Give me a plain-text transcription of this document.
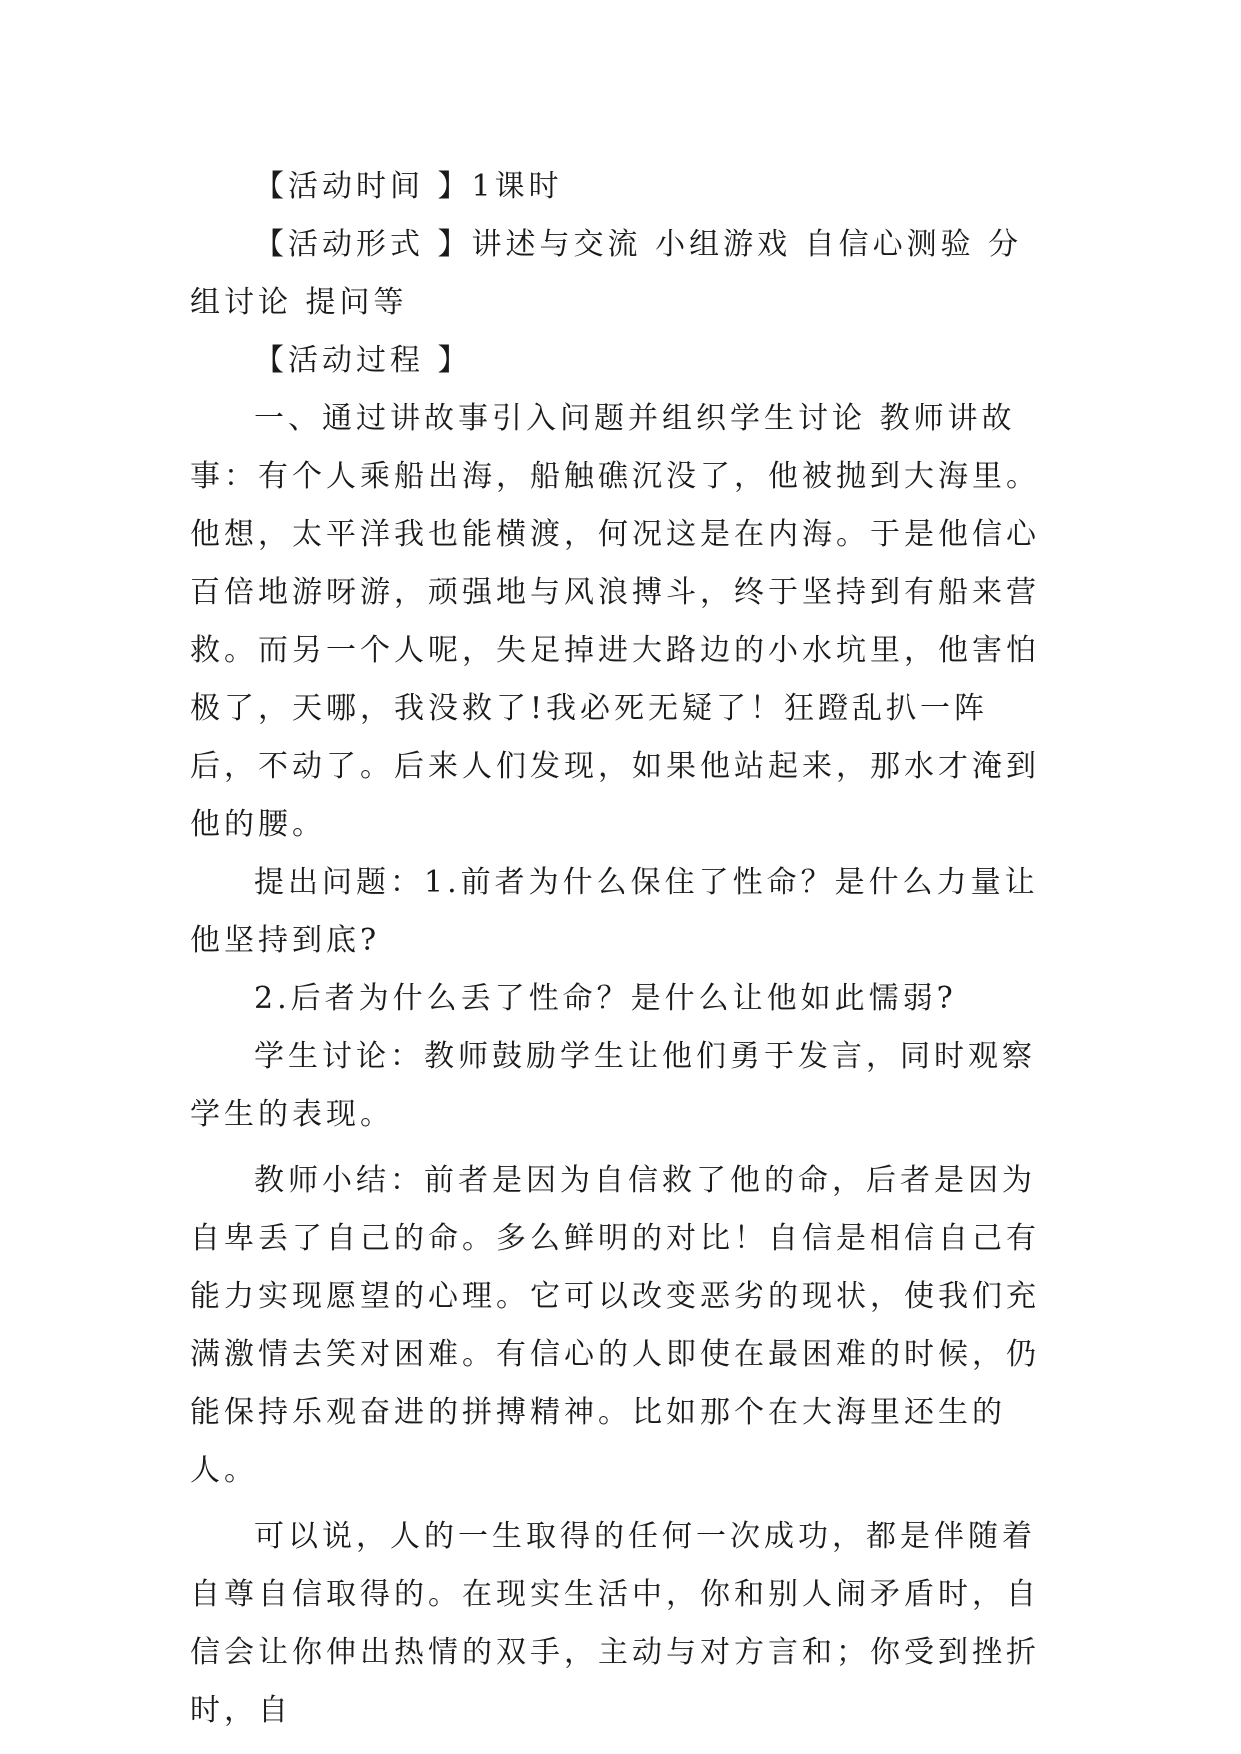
【活动时间 】1课时

【活动形式 】讲述与交流 小组游戏 自信心测验 分组讨论 提问等

【活动过程 】

一、通过讲故事引入问题并组织学生讨论 教师讲故事：有个人乘船出海，船触礁沉没了，他被抛到大海里。他想，太平洋我也能横渡，何况这是在内海。于是他信心百倍地游呀游，顽强地与风浪搏斗，终于坚持到有船来营救。而另一个人呢，失足掉进大路边的小水坑里，他害怕极了，天哪，我没救了!我必死无疑了！狂蹬乱扒一阵后，不动了。后来人们发现，如果他站起来，那水才淹到他的腰。

提出问题：1.前者为什么保住了性命？是什么力量让他坚持到底?

2.后者为什么丢了性命？是什么让他如此懦弱?

学生讨论：教师鼓励学生让他们勇于发言，同时观察学生的表现。

教师小结：前者是因为自信救了他的命，后者是因为自卑丢了自己的命。多么鲜明的对比！自信是相信自己有能力实现愿望的心理。它可以改变恶劣的现状，使我们充满激情去笑对困难。有信心的人即使在最困难的时候，仍能保持乐观奋进的拼搏精神。比如那个在大海里还生的人。

可以说，人的一生取得的任何一次成功，都是伴随着自尊自信取得的。在现实生活中，你和别人闹矛盾时，自信会让你伸出热情的双手，主动与对方言和；你受到挫折时，自
